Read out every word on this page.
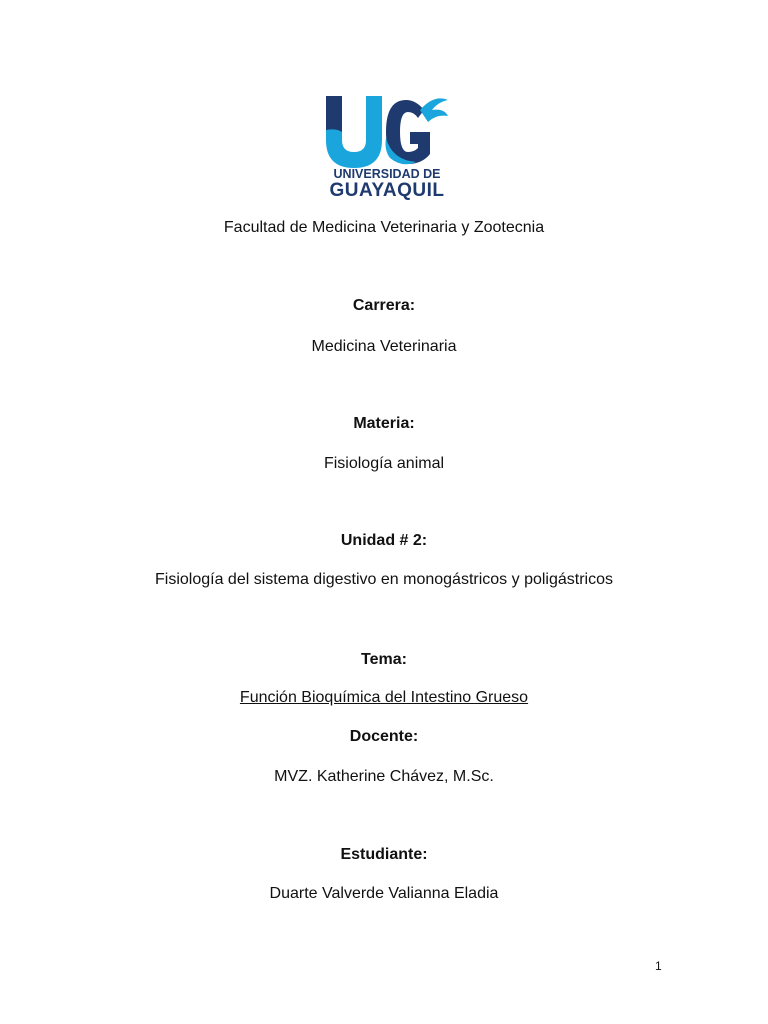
UNIVERSIDAD DE
GUAYAQUIL
Facultad de Medicina Veterinaria y Zootecnia
Carrera:
Medicina Veterinaria
Materia:
Fisiología animal
Unidad # 2:
Fisiología del sistema digestivo en monogástricos y poligástricos
Tema:
Función Bioquímica del Intestino Grueso
Docente:
MVZ. Katherine Chávez, M.Sc.
Estudiante:
Duarte Valverde Valianna Eladia
1
